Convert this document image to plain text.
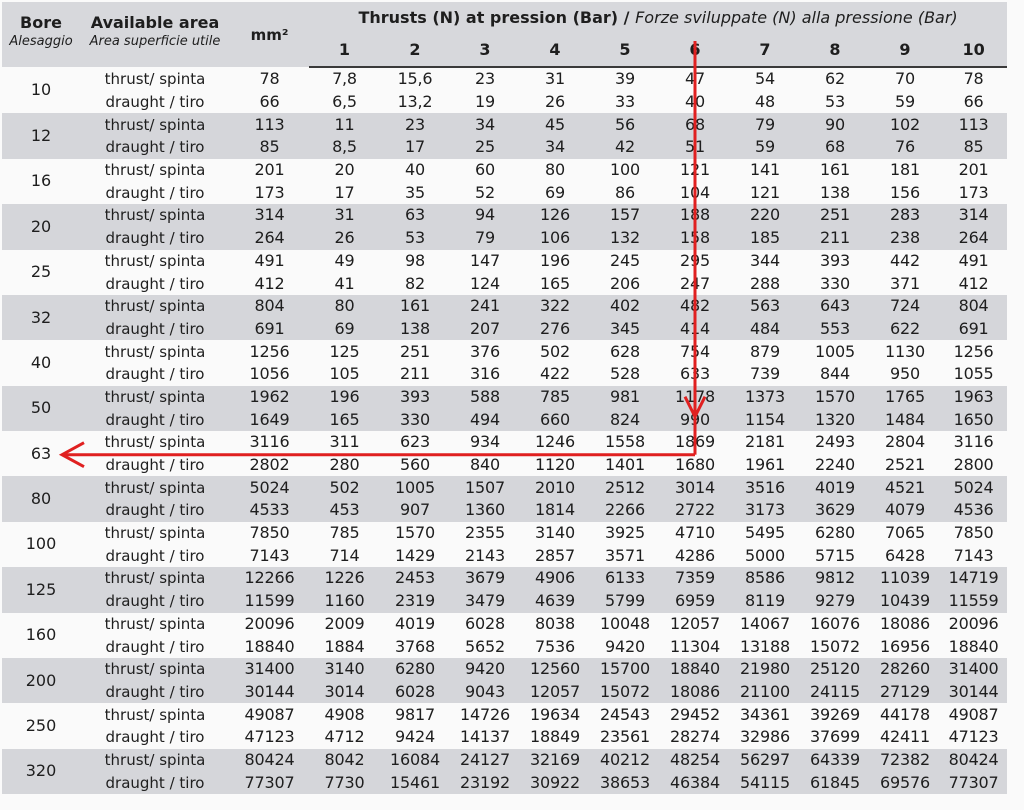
Bore
Alesaggio	Available area
Area superficie utile	mm²	Thrusts (N) at pression (Bar) / Forze sviluppate (N) alla pressione (Bar)									
			1	2	3	4	5	6	7	8	9	10
10	thrust/ spinta	78	7,8	15,6	23	31	39	47	54	62	70	78
	draught / tiro	66	6,5	13,2	19	26	33	40	48	53	59	66
12	thrust/ spinta	113	11	23	34	45	56	68	79	90	102	113
	draught / tiro	85	8,5	17	25	34	42	51	59	68	76	85
16	thrust/ spinta	201	20	40	60	80	100	121	141	161	181	201
	draught / tiro	173	17	35	52	69	86	104	121	138	156	173
20	thrust/ spinta	314	31	63	94	126	157	188	220	251	283	314
	draught / tiro	264	26	53	79	106	132	158	185	211	238	264
25	thrust/ spinta	491	49	98	147	196	245	295	344	393	442	491
	draught / tiro	412	41	82	124	165	206	247	288	330	371	412
32	thrust/ spinta	804	80	161	241	322	402	482	563	643	724	804
	draught / tiro	691	69	138	207	276	345	414	484	553	622	691
40	thrust/ spinta	1256	125	251	376	502	628	754	879	1005	1130	1256
	draught / tiro	1056	105	211	316	422	528	633	739	844	950	1055
50	thrust/ spinta	1962	196	393	588	785	981	1178	1373	1570	1765	1963
	draught / tiro	1649	165	330	494	660	824	990	1154	1320	1484	1650
63	thrust/ spinta	3116	311	623	934	1246	1558	1869	2181	2493	2804	3116
	draught / tiro	2802	280	560	840	1120	1401	1680	1961	2240	2521	2800
80	thrust/ spinta	5024	502	1005	1507	2010	2512	3014	3516	4019	4521	5024
	draught / tiro	4533	453	907	1360	1814	2266	2722	3173	3629	4079	4536
100	thrust/ spinta	7850	785	1570	2355	3140	3925	4710	5495	6280	7065	7850
	draught / tiro	7143	714	1429	2143	2857	3571	4286	5000	5715	6428	7143
125	thrust/ spinta	12266	1226	2453	3679	4906	6133	7359	8586	9812	11039	14719
	draught / tiro	11599	1160	2319	3479	4639	5799	6959	8119	9279	10439	11559
160	thrust/ spinta	20096	2009	4019	6028	8038	10048	12057	14067	16076	18086	20096
	draught / tiro	18840	1884	3768	5652	7536	9420	11304	13188	15072	16956	18840
200	thrust/ spinta	31400	3140	6280	9420	12560	15700	18840	21980	25120	28260	31400
	draught / tiro	30144	3014	6028	9043	12057	15072	18086	21100	24115	27129	30144
250	thrust/ spinta	49087	4908	9817	14726	19634	24543	29452	34361	39269	44178	49087
	draught / tiro	47123	4712	9424	14137	18849	23561	28274	32986	37699	42411	47123
320	thrust/ spinta	80424	8042	16084	24127	32169	40212	48254	56297	64339	72382	80424
	draught / tiro	77307	7730	15461	23192	30922	38653	46384	54115	61845	69576	77307
